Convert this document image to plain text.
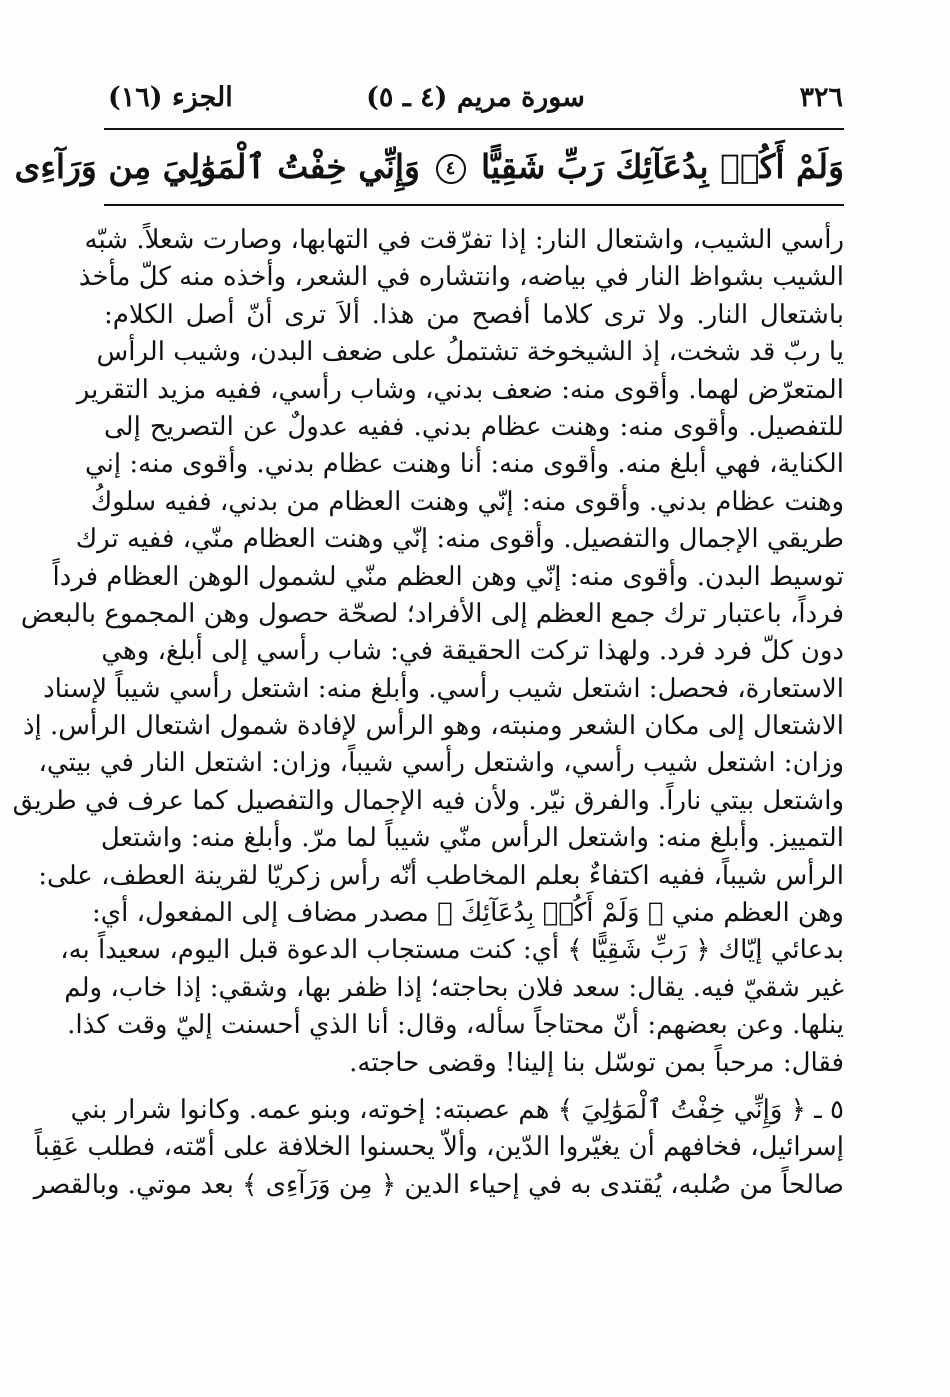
٣٢٦
سورة مريم (٤ ـ ٥)
الجزء (١٦)
وَلَمْ أَكُنۢ بِدُعَآئِكَ رَبِّ شَقِيًّا ٤ وَإِنِّي خِفْتُ ٱلْمَوَٰلِيَ مِن وَرَآءِى
رأسي الشيب، واشتعال النار: إذا تفرّقت في التهابها، وصارت شعلاً. شبّه
الشيب بشواظ النار في بياضه، وانتشاره في الشعر، وأخذه منه كلّ مأخذ
باشتعال النار. ولا ترى كلاما أفصح من هذا. ألاَ ترى أنّ أصل الكلام:
يا ربّ قد شخت، إذ الشيخوخة تشتملُ على ضعف البدن، وشيب الرأس
المتعرّض لهما. وأقوى منه: ضعف بدني، وشاب رأسي، ففيه مزيد التقرير
للتفصيل. وأقوى منه: وهنت عظام بدني. ففيه عدولٌ عن التصريح إلى
الكناية، فهي أبلغ منه. وأقوى منه: أنا وهنت عظام بدني. وأقوى منه: إني
وهنت عظام بدني. وأقوى منه: إنّي وهنت العظام من بدني، ففيه سلوكُ
طريقي الإجمال والتفصيل. وأقوى منه: إنّي وهنت العظام منّي، ففيه ترك
توسيط البدن. وأقوى منه: إنّي وهن العظم منّي لشمول الوهن العظام فرداً
فرداً، باعتبار ترك جمع العظم إلى الأفراد؛ لصحّة حصول وهن المجموع بالبعض
دون كلّ فرد فرد. ولهذا تركت الحقيقة في: شاب رأسي إلى أبلغ، وهي
الاستعارة، فحصل: اشتعل شيب رأسي. وأبلغ منه: اشتعل رأسي شيباً لإسناد
الاشتعال إلى مكان الشعر ومنبته، وهو الرأس لإفادة شمول اشتعال الرأس. إذ
وزان: اشتعل شيب رأسي، واشتعل رأسي شيباً، وزان: اشتعل النار في بيتي،
واشتعل بيتي ناراً. والفرق نيّر. ولأن فيه الإجمال والتفصيل كما عرف في طريق
التمييز. وأبلغ منه: واشتعل الرأس منّي شيباً لما مرّ. وأبلغ منه: واشتعل
الرأس شيباً، ففيه اكتفاءٌ بعلم المخاطب أنّه رأس زكريّا لقرينة العطف، على:
وهن العظم مني ﴿ وَلَمْ أَكُنۢ بِدُعَآئِكَ ﴾ مصدر مضاف إلى المفعول، أي:
بدعائي إيّاك ﴿ رَبِّ شَقِيًّا ﴾ أي: كنت مستجاب الدعوة قبل اليوم، سعيداً به،
غير شقيّ فيه. يقال: سعد فلان بحاجته؛ إذا ظفر بها، وشقي: إذا خاب، ولم
ينلها. وعن بعضهم: أنّ محتاجاً سأله، وقال: أنا الذي أحسنت إليّ وقت كذا.
فقال: مرحباً بمن توسّل بنا إلينا! وقضى حاجته.
٥ ـ ﴿ وَإِنِّي خِفْتُ ٱلْمَوَٰلِيَ ﴾ هم عصبته: إخوته، وبنو عمه. وكانوا شرار بني
إسرائيل، فخافهم أن يغيّروا الدّين، وألاّ يحسنوا الخلافة على أمّته، فطلب عَقِباً
صالحاً من صُلبه، يُقتدى به في إحياء الدين ﴿ مِن وَرَآءِى ﴾ بعد موتي. وبالقصر
